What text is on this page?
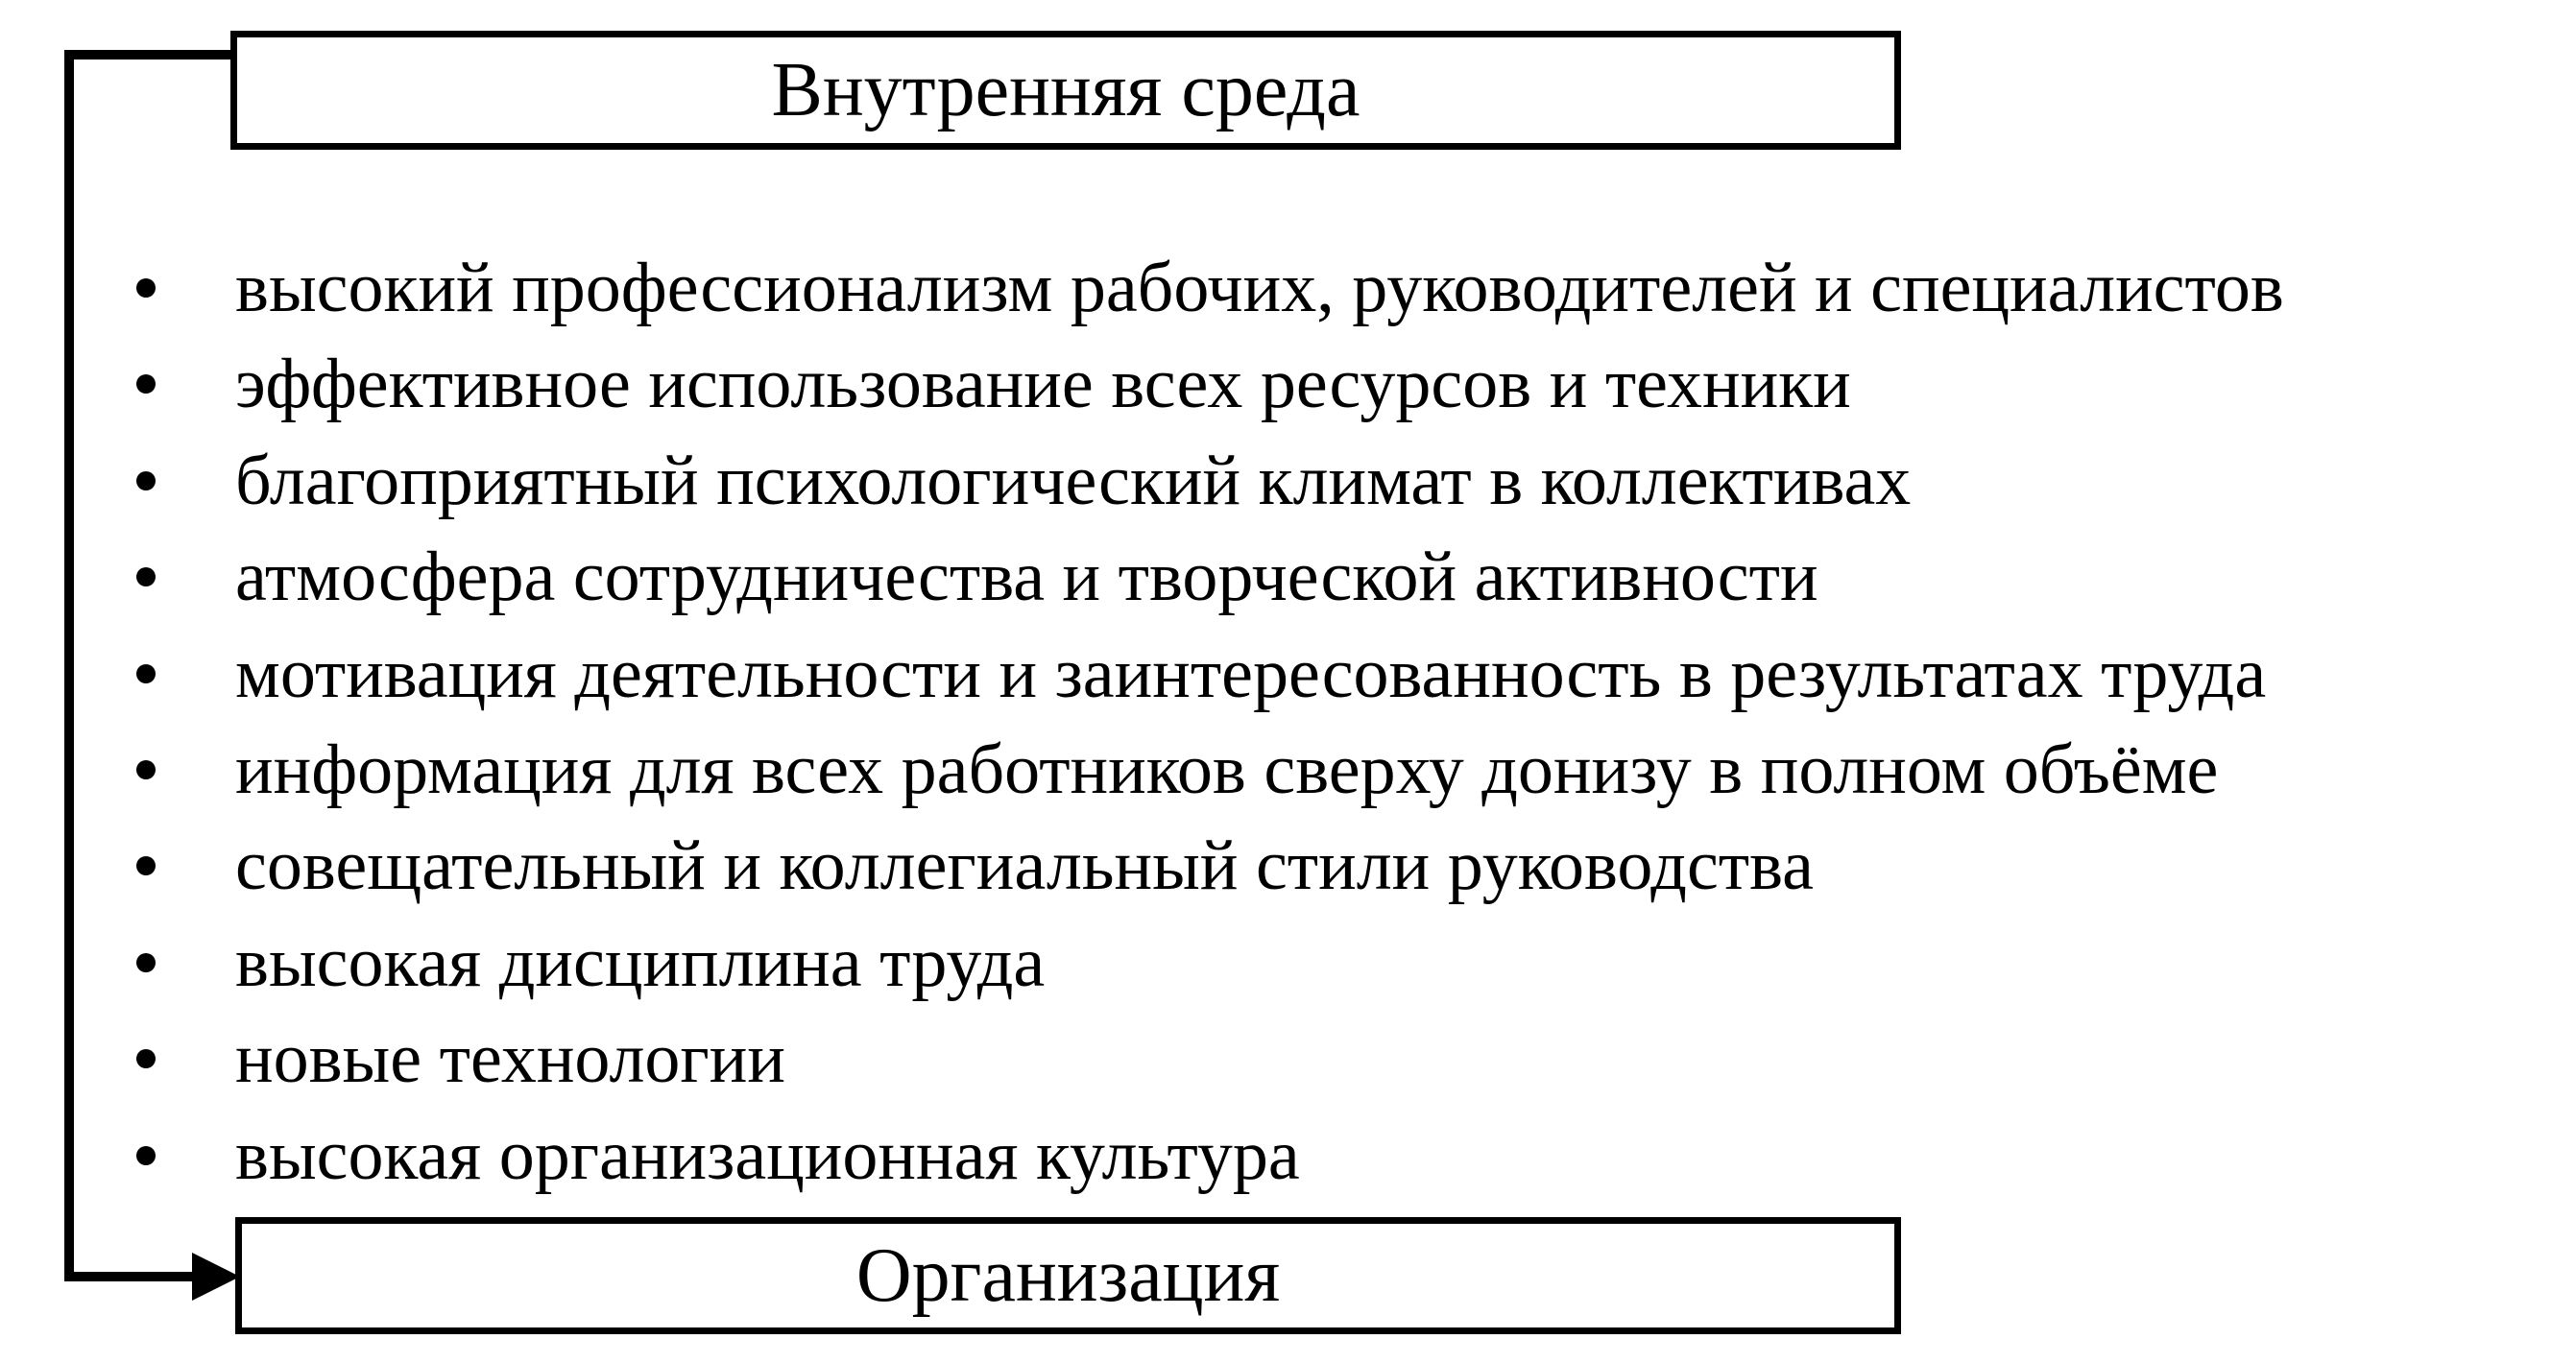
Внутренняя среда
высокий профессионализм рабочих, руководителей и специалистов
эффективное использование всех ресурсов и техники
благоприятный психологический климат в коллективах
атмосфера сотрудничества и творческой активности
мотивация деятельности и заинтересованность в результатах труда
информация для всех работников сверху донизу в полном объёме
совещательный и коллегиальный стили руководства
высокая дисциплина труда
новые технологии
высокая организационная культура
Организация
